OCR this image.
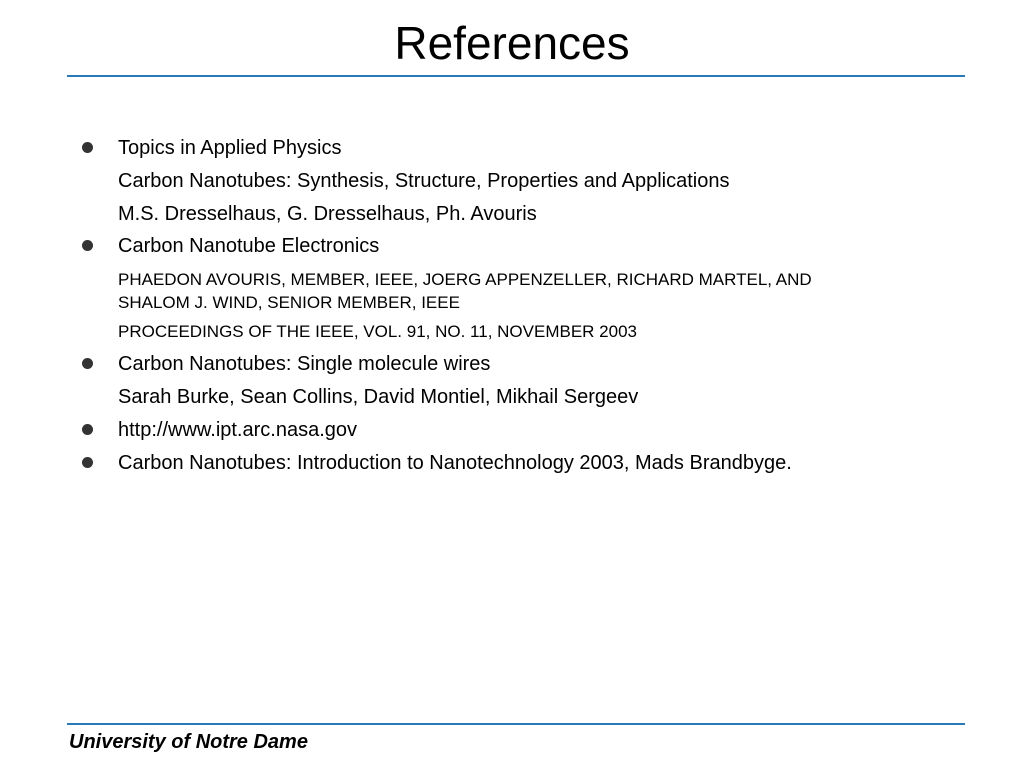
References
Topics in Applied Physics
Carbon Nanotubes: Synthesis, Structure, Properties and Applications
M.S. Dresselhaus, G. Dresselhaus, Ph. Avouris
Carbon Nanotube Electronics
PHAEDON AVOURIS, MEMBER, IEEE, JOERG APPENZELLER, RICHARD MARTEL, AND
SHALOM J. WIND, SENIOR MEMBER, IEEE
PROCEEDINGS OF THE IEEE, VOL. 91, NO. 11, NOVEMBER 2003
Carbon Nanotubes: Single molecule wires
Sarah Burke, Sean Collins, David Montiel, Mikhail Sergeev
http://www.ipt.arc.nasa.gov
Carbon Nanotubes: Introduction to Nanotechnology 2003, Mads Brandbyge.
University of Notre Dame
